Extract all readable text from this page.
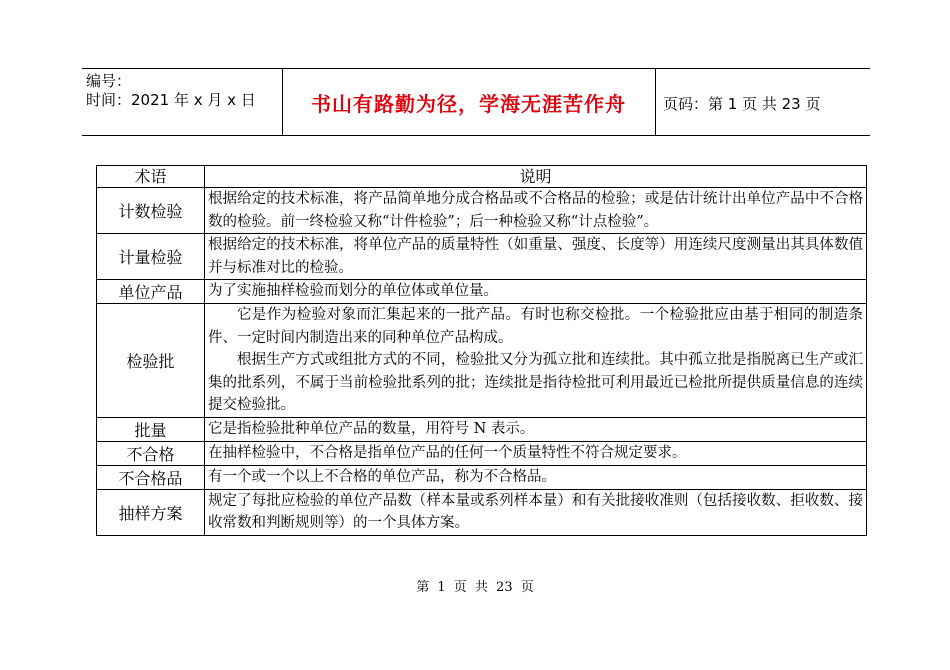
编号：
时间：2021 年 x 月 x 日	书山有路勤为径，学海无涯苦作舟	页码：第 1 页 共 23 页
术语	说明
计数检验	根据给定的技术标准，将产品简单地分成合格品或不合格品的检验；或是估计统计出单位产品中不合格数的检验。前一终检验又称“计件检验”；后一种检验又称“计点检验”。

计量检验	根据给定的技术标准，将单位产品的质量特性（如重量、强度、长度等）用连续尺度测量出其具体数值并与标准对比的检验。

单位产品	为了实施抽样检验而划分的单位体或单位量。

检验批	它是作为检验对象而汇集起来的一批产品。有时也称交检批。一个检验批应由基于相同的制造条件、一定时间内制造出来的同种单位产品构成。

根据生产方式或组批方式的不同，检验批又分为孤立批和连续批。其中孤立批是指脱离已生产或汇集的批系列，不属于当前检验批系列的批；连续批是指待检批可利用最近已检批所提供质量信息的连续提交检验批。

批量	它是指检验批种单位产品的数量，用符号 N 表示。

不合格	在抽样检验中，不合格是指单位产品的任何一个质量特性不符合规定要求。

不合格品	有一个或一个以上不合格的单位产品，称为不合格品。

抽样方案	规定了每批应检验的单位产品数（样本量或系列样本量）和有关批接收准则（包括接收数、拒收数、接收常数和判断规则等）的一个具体方案。

第 1 页 共 23 页
